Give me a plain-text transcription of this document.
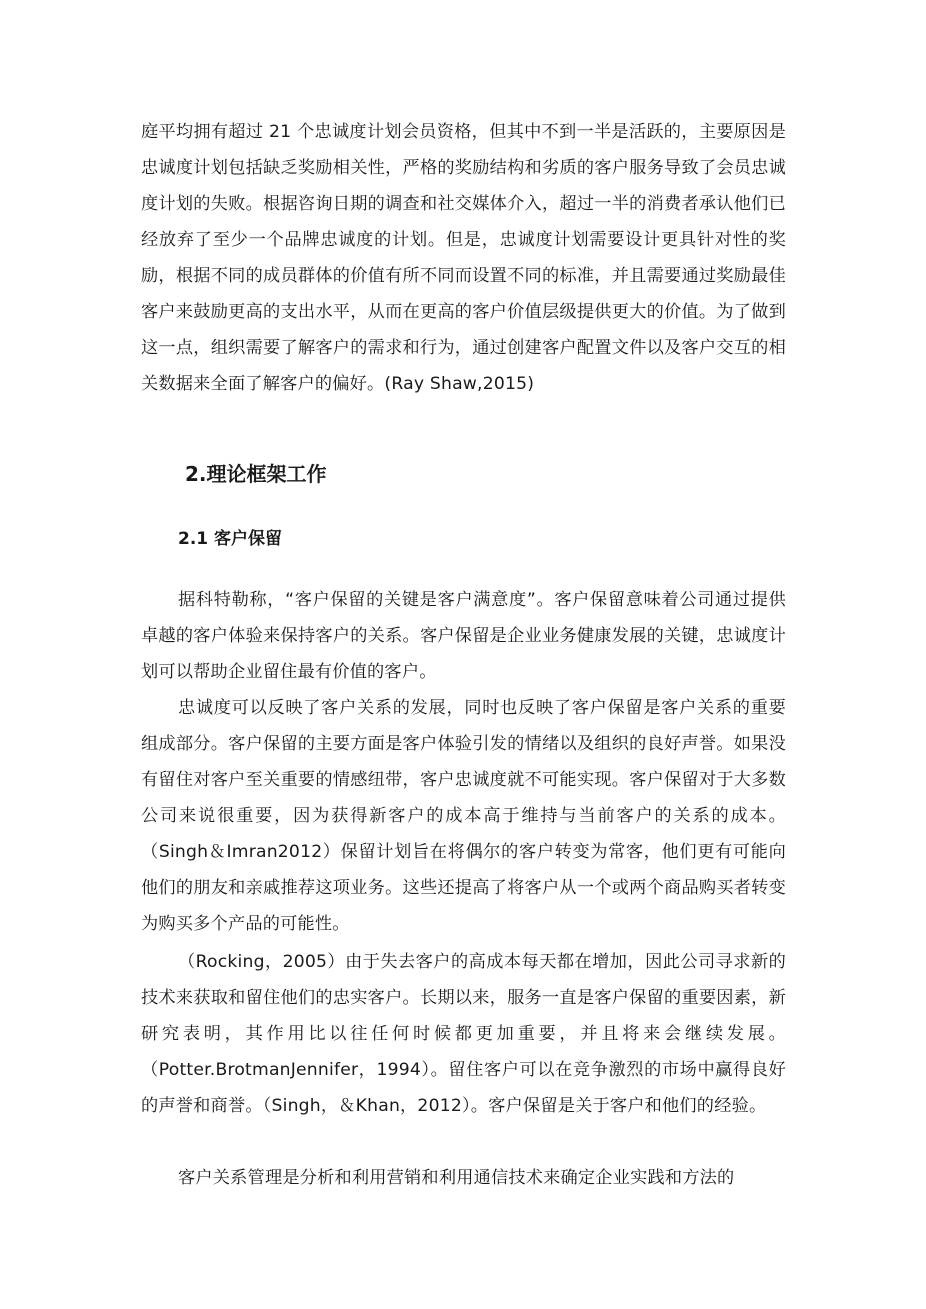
庭平均拥有超过 21 个忠诚度计划会员资格，但其中不到一半是活跃的，主要原因是忠诚度计划包括缺乏奖励相关性，严格的奖励结构和劣质的客户服务导致了会员忠诚度计划的失败。根据咨询日期的调查和社交媒体介入，超过一半的消费者承认他们已经放弃了至少一个品牌忠诚度的计划。但是，忠诚度计划需要设计更具针对性的奖励，根据不同的成员群体的价值有所不同而设置不同的标准，并且需要通过奖励最佳客户来鼓励更高的支出水平，从而在更高的客户价值层级提供更大的价值。为了做到这一点，组织需要了解客户的需求和行为，通过创建客户配置文件以及客户交互的相关数据来全面了解客户的偏好。(Ray Shaw,2015)

2.理论框架工作
2.1 客户保留

据科特勒称，“客户保留的关键是客户满意度”。客户保留意味着公司通过提供卓越的客户体验来保持客户的关系。客户保留是企业业务健康发展的关键，忠诚度计划可以帮助企业留住最有价值的客户。

忠诚度可以反映了客户关系的发展，同时也反映了客户保留是客户关系的重要组成部分。客户保留的主要方面是客户体验引发的情绪以及组织的良好声誉。如果没有留住对客户至关重要的情感纽带，客户忠诚度就不可能实现。客户保留对于大多数公司来说很重要，因为获得新客户的成本高于维持与当前客户的关系的成本。（Singh＆Imran2012）保留计划旨在将偶尔的客户转变为常客，他们更有可能向他们的朋友和亲戚推荐这项业务。这些还提高了将客户从一个或两个商品购买者转变为购买多个产品的可能性。

（Rocking，2005）由于失去客户的高成本每天都在增加，因此公司寻求新的技术来获取和留住他们的忠实客户。长期以来，服务一直是客户保留的重要因素，新研究表明，其作用比以往任何时候都更加重要，并且将来会继续发展。（Potter.BrotmanJennifer，1994）。留住客户可以在竞争激烈的市场中赢得良好的声誉和商誉。（Singh，＆Khan，2012）。客户保留是关于客户和他们的经验。

客户关系管理是分析和利用营销和利用通信技术来确定企业实践和方法的
